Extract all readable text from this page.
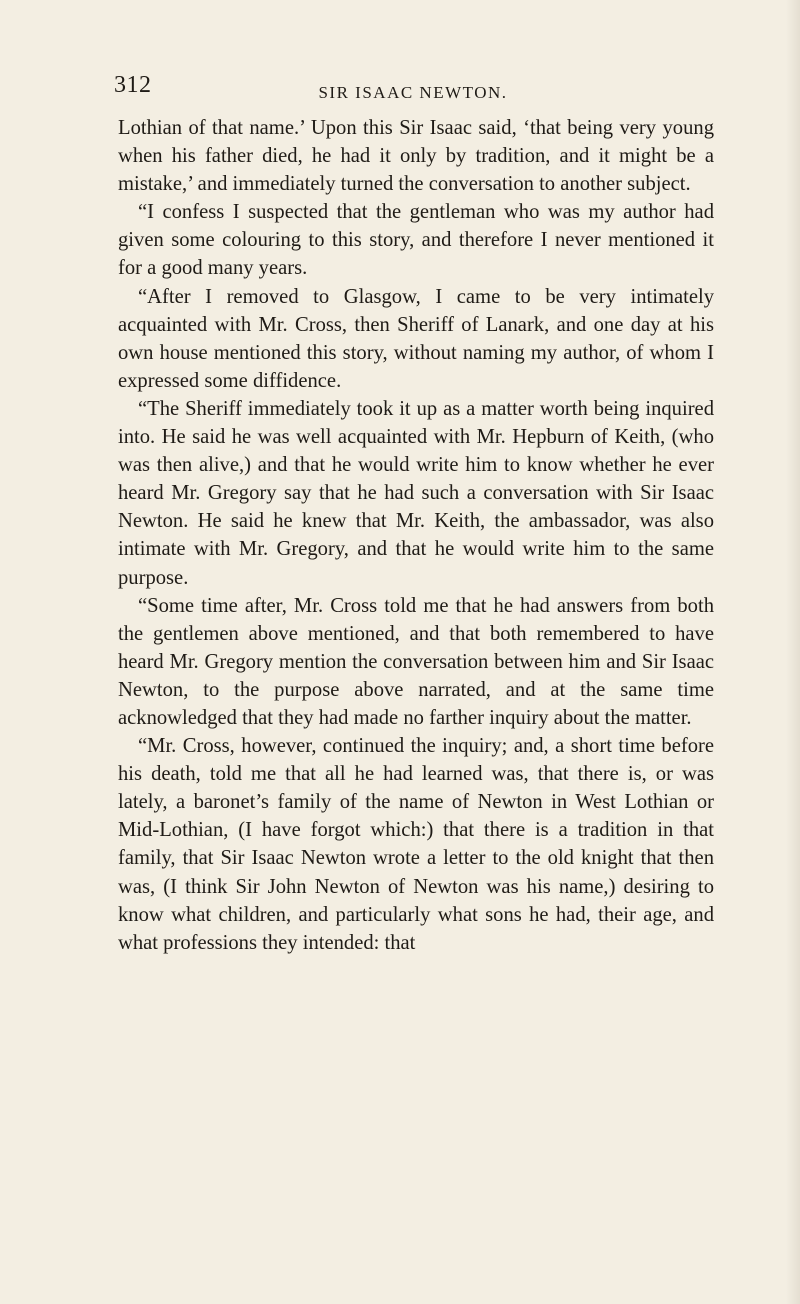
312	SIR ISAAC NEWTON.

Lothian of that name.’ Upon this Sir Isaac said, ‘that being very young when his father died, he had it only by tradition, and it might be a mistake,’ and immediately turned the conversation to another subject.

“I confess I suspected that the gentleman who was my author had given some colouring to this story, and therefore I never mentioned it for a good many years.

“After I removed to Glasgow, I came to be very intimately acquainted with Mr. Cross, then Sheriff of Lanark, and one day at his own house mentioned this story, without naming my author, of whom I expressed some diffidence.

“The Sheriff immediately took it up as a matter worth being inquired into. He said he was well acquainted with Mr. Hepburn of Keith, (who was then alive,) and that he would write him to know whether he ever heard Mr. Gregory say that he had such a conversation with Sir Isaac Newton. He said he knew that Mr. Keith, the ambassador, was also intimate with Mr. Gregory, and that he would write him to the same purpose.

“Some time after, Mr. Cross told me that he had answers from both the gentlemen above mentioned, and that both remembered to have heard Mr. Gregory mention the conversation between him and Sir Isaac Newton, to the purpose above narrated, and at the same time acknowledged that they had made no farther inquiry about the matter.

“Mr. Cross, however, continued the inquiry; and, a short time before his death, told me that all he had learned was, that there is, or was lately, a baronet’s family of the name of Newton in West Lothian or Mid-Lothian, (I have forgot which:) that there is a tradition in that family, that Sir Isaac Newton wrote a letter to the old knight that then was, (I think Sir John Newton of Newton was his name,) desiring to know what children, and particularly what sons he had, their age, and what professions they intended: that
